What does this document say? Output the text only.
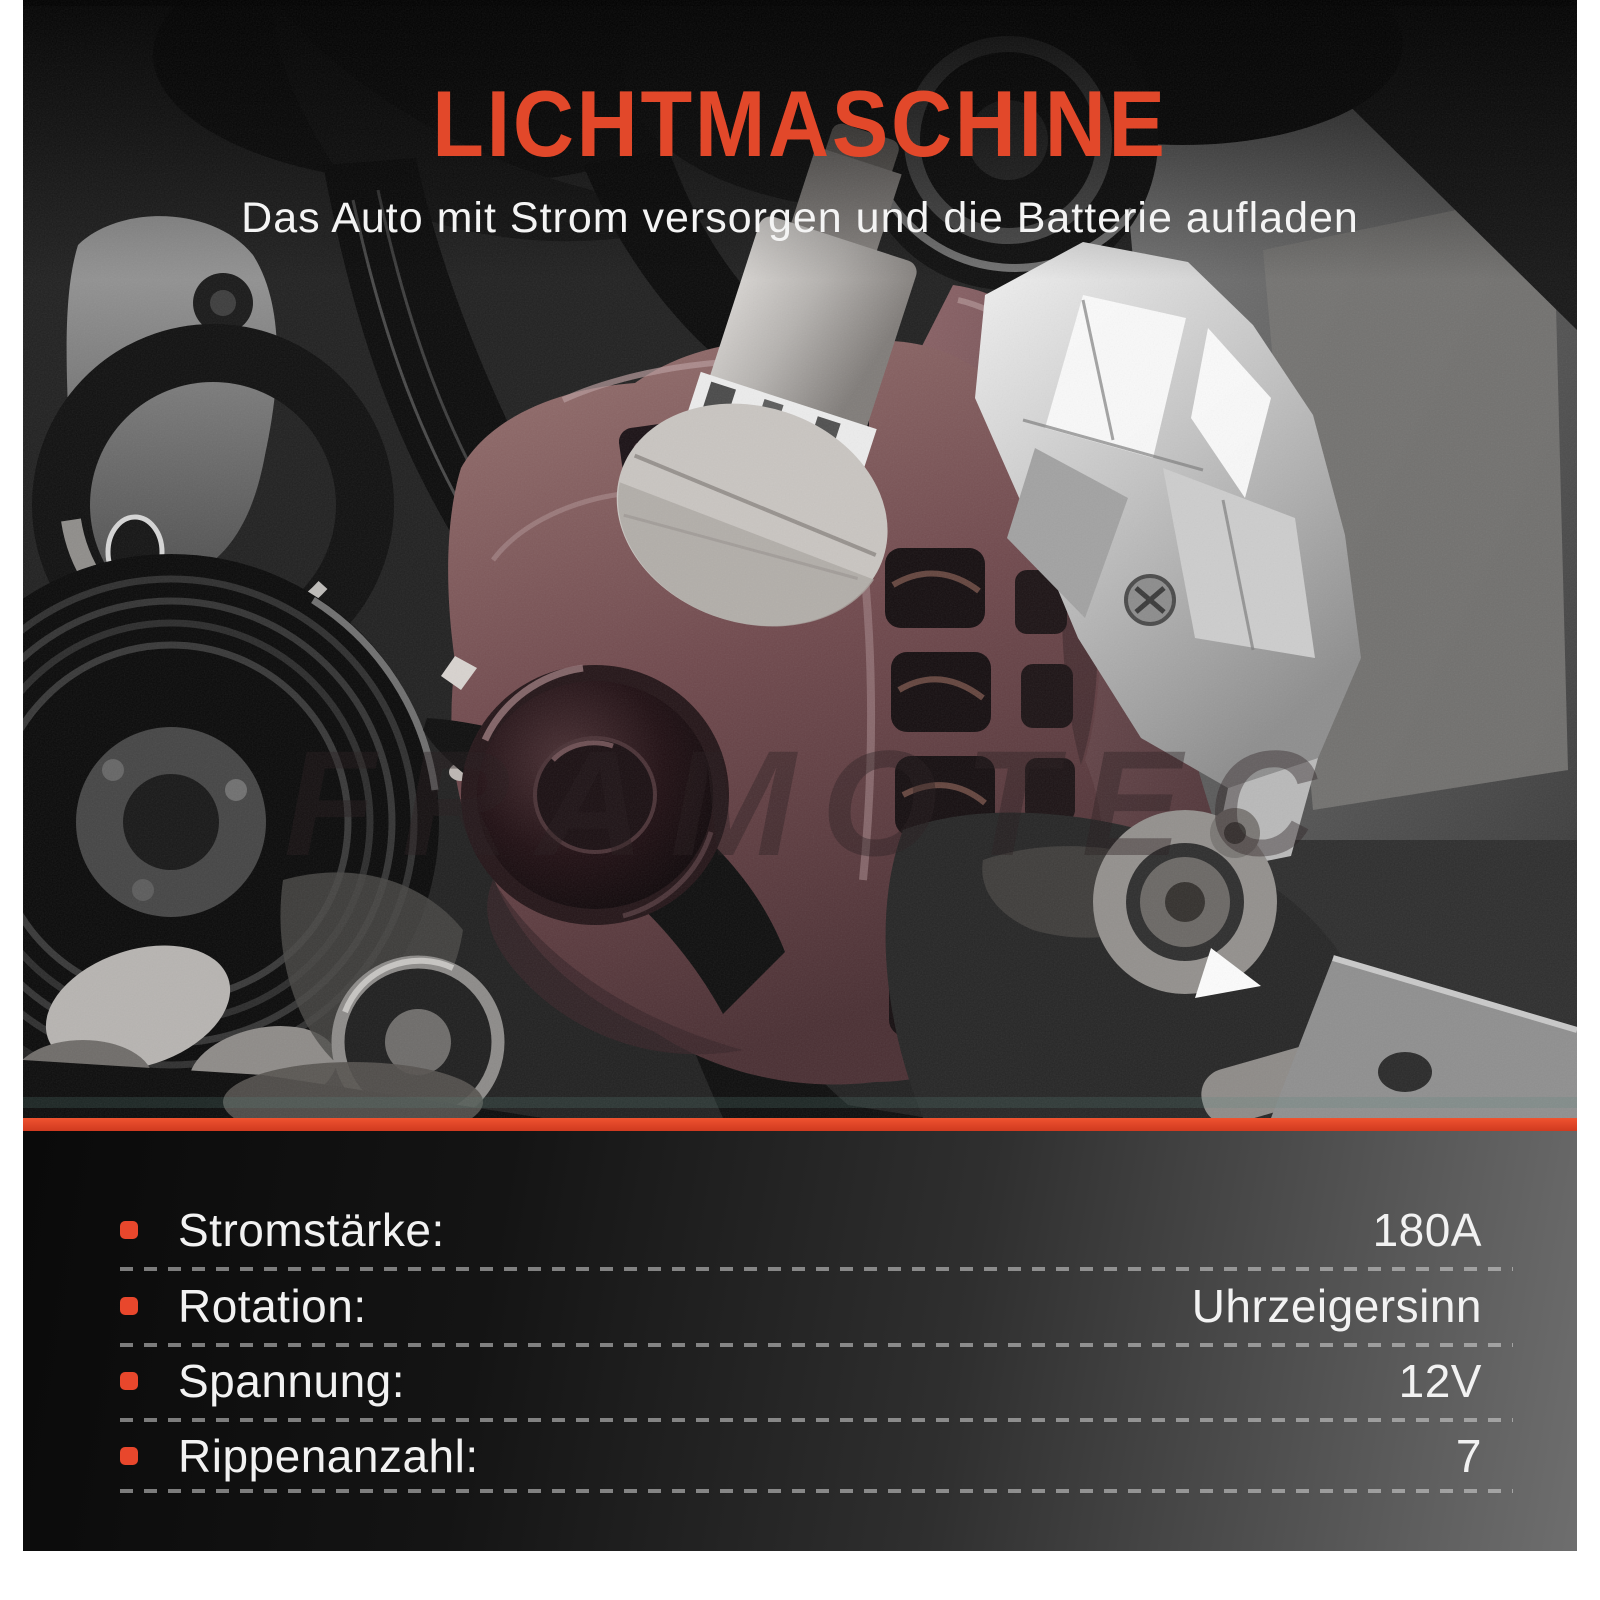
FRAMOTEC
LICHTMASCHINE

Das Auto mit Strom versorgen und die Batterie aufladen

Stromstärke:	180A
Rotation:	Uhrzeigersinn
Spannung:	12V
Rippenanzahl:	7
